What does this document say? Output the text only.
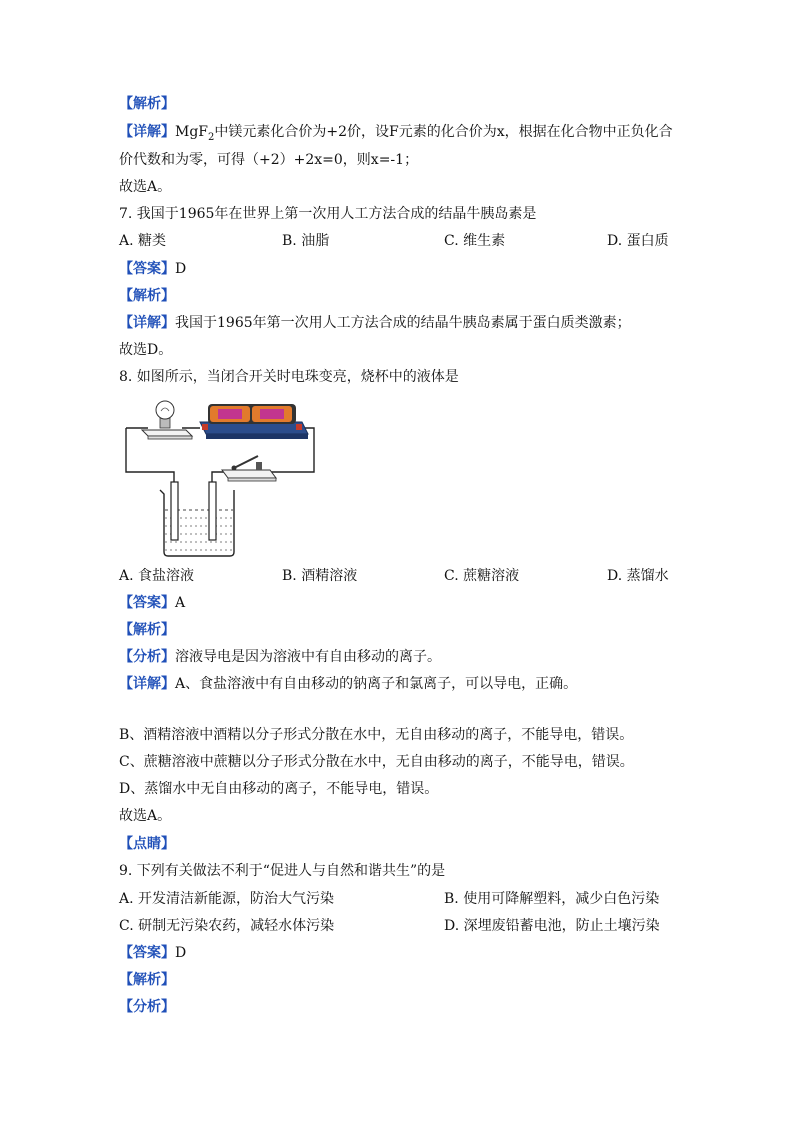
【解析】
【详解】MgF$_2$中镁元素化合价为+2价，设F元素的化合价为x，根据在化合物中正负化合
价代数和为零，可得（+2）+2x=0，则x=-1；
故选A。
7. 我国于1965年在世界上第一次用人工方法合成的结晶牛胰岛素是
A. 糖类	B. 油脂	C. 维生素	D. 蛋白质
【答案】D
【解析】
【详解】我国于1965年第一次用人工方法合成的结晶牛胰岛素属于蛋白质类激素；
故选D。
8. 如图所示，当闭合开关时电珠变亮，烧杯中的液体是
A. 食盐溶液	B. 酒精溶液	C. 蔗糖溶液	D. 蒸馏水
【答案】A
【解析】
【分析】溶液导电是因为溶液中有自由移动的离子。
【详解】A、食盐溶液中有自由移动的钠离子和氯离子，可以导电，正确。
B、酒精溶液中酒精以分子形式分散在水中，无自由移动的离子，不能导电，错误。
C、蔗糖溶液中蔗糖以分子形式分散在水中，无自由移动的离子，不能导电，错误。
D、蒸馏水中无自由移动的离子，不能导电，错误。
故选A。
【点睛】
9. 下列有关做法不利于“促进人与自然和谐共生”的是
A. 开发清洁新能源，防治大气污染	B. 使用可降解塑料，减少白色污染
C. 研制无污染农药，减轻水体污染	D. 深埋废铅蓄电池，防止土壤污染
【答案】D
【解析】
【分析】
